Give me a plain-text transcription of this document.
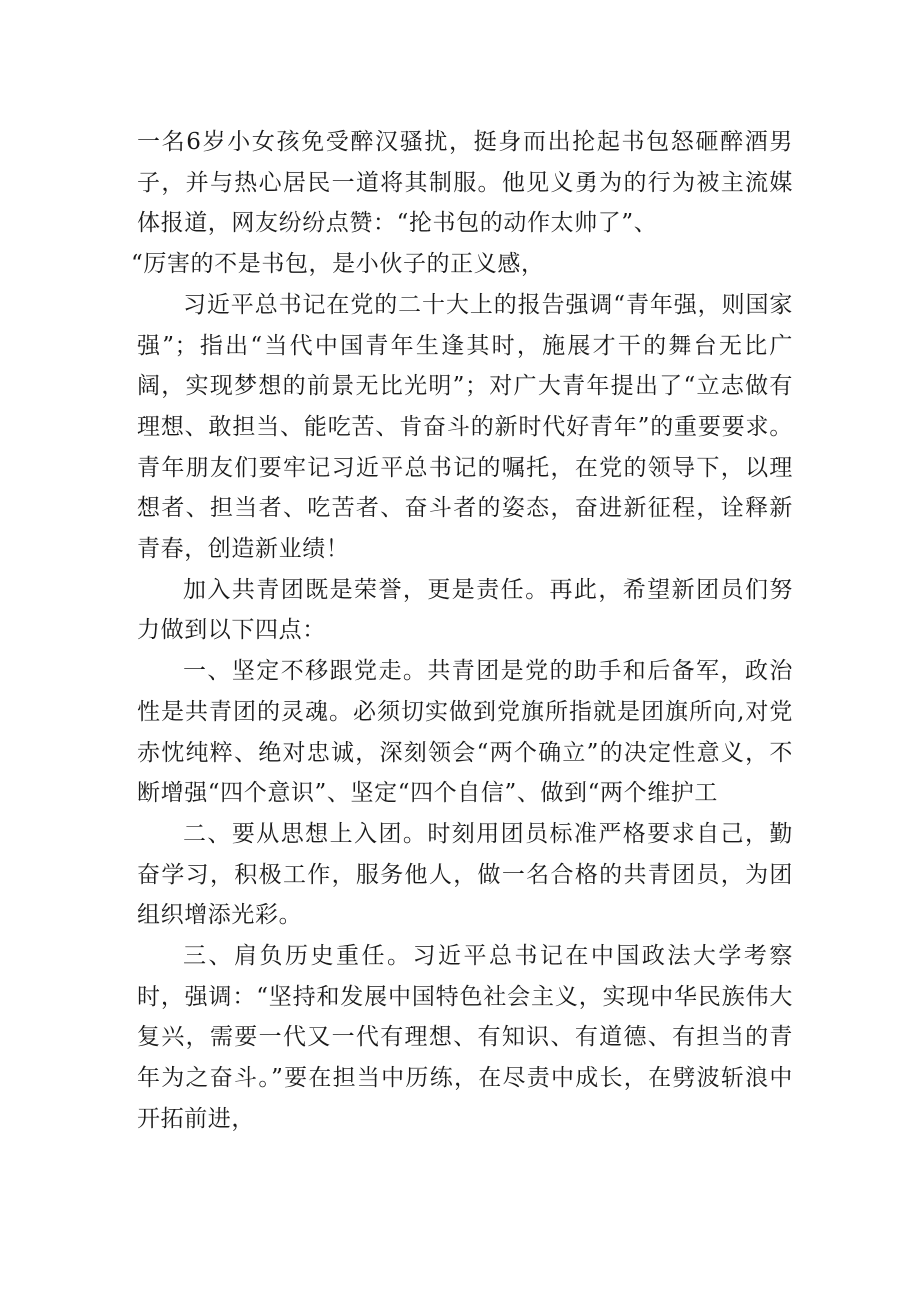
一名6岁小女孩免受醉汉骚扰，挺身而出抡起书包怒砸醉酒男子，并与热心居民一道将其制服。他见义勇为的行为被主流媒体报道，网友纷纷点赞：“抡书包的动作太帅了”、

“厉害的不是书包，是小伙子的正义感，

习近平总书记在党的二十大上的报告强调“青年强，则国家强”；指出“当代中国青年生逢其时，施展才干的舞台无比广阔，实现梦想的前景无比光明”；对广大青年提出了“立志做有理想、敢担当、能吃苦、肯奋斗的新时代好青年”的重要要求。青年朋友们要牢记习近平总书记的嘱托，在党的领导下，以理想者、担当者、吃苦者、奋斗者的姿态，奋进新征程，诠释新青春，创造新业绩！

加入共青团既是荣誉，更是责任。再此，希望新团员们努力做到以下四点：

一、坚定不移跟党走。共青团是党的助手和后备军，政治性是共青团的灵魂。必须切实做到党旗所指就是团旗所向,对党赤忱纯粹、绝对忠诚，深刻领会“两个确立”的决定性意义，不断增强“四个意识”、坚定“四个自信”、做到“两个维护工

二、要从思想上入团。时刻用团员标准严格要求自己，勤奋学习，积极工作，服务他人，做一名合格的共青团员，为团组织增添光彩。

三、肩负历史重任。习近平总书记在中国政法大学考察时，强调：“坚持和发展中国特色社会主义，实现中华民族伟大复兴，需要一代又一代有理想、有知识、有道德、有担当的青年为之奋斗。”要在担当中历练，在尽责中成长，在劈波斩浪中开拓前进，
